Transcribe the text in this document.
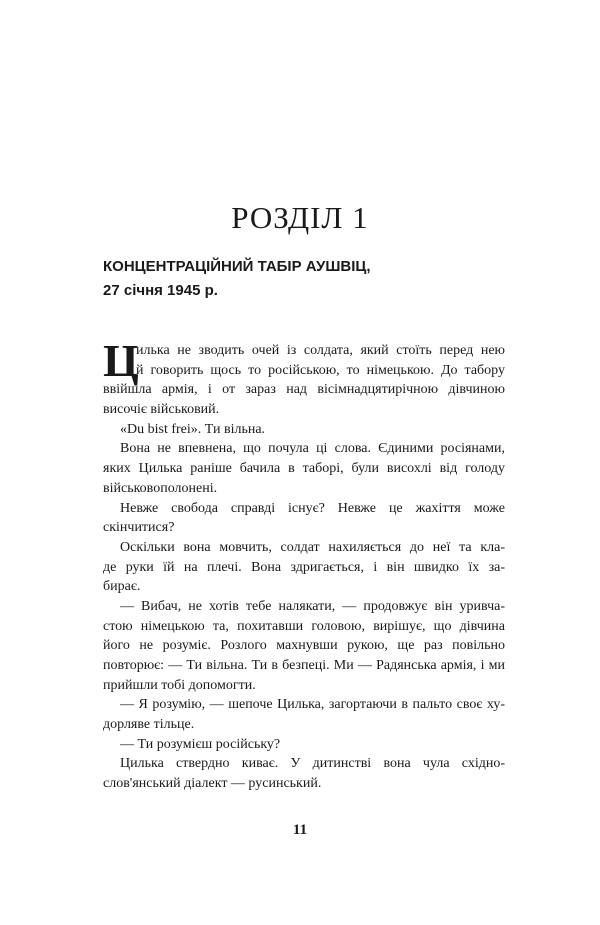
РОЗДІЛ 1
КОНЦЕНТРАЦІЙНИЙ ТАБІР АУШВІЦ,
27 січня 1945 р.
Ц
илька не зводить очей із солдата, який стоїть перед нею
й говорить щось то російською, то німецькою. До табору
ввійшла армія, і от зараз над вісімнадцятирічною дівчиною
височіє військовий.
«Du bist frei». Ти вільна.
Вона не впевнена, що почула ці слова. Єдиними росіянами,
яких Цилька раніше бачила в таборі, були висохлі від голоду
військовополонені.
Невже свобода справді існує? Невже це жахіття може
скінчитися?
Оскільки вона мовчить, солдат нахиляється до неї та кла-
де руки їй на плечі. Вона здригається, і він швидко їх за-
бирає.
— Вибач, не хотів тебе налякати, — продовжує він уривча-
стою німецькою та, похитавши головою, вирішує, що дівчина
його не розуміє. Розлого махнувши рукою, ще раз повільно
повторює: — Ти вільна. Ти в безпеці. Ми — Радянська армія, і ми
прийшли тобі допомогти.
— Я розумію, — шепоче Цилька, загортаючи в пальто своє ху-
дорляве тільце.
— Ти розумієш російську?
Цилька ствердно киває. У дитинстві вона чула східно-
слов'янський діалект — русинський.
11
